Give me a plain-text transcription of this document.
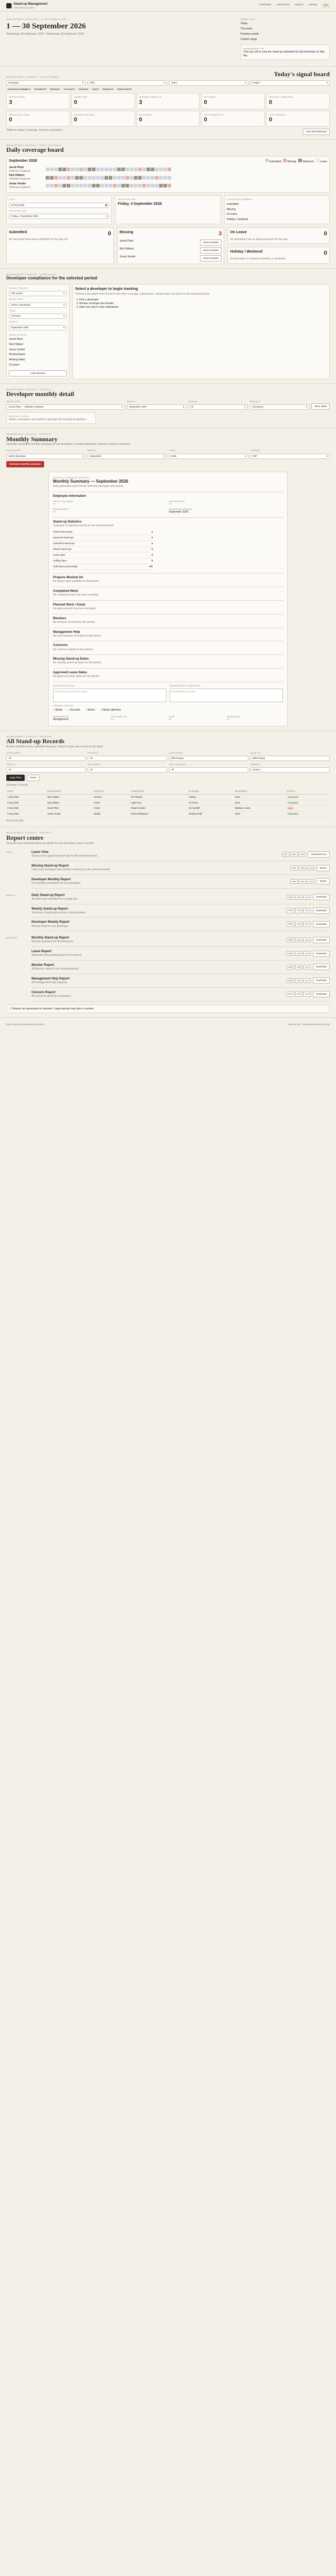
Stand-up Management
Daily Standup System
Dashboard Submissions Reports Settings	SA
MANAGEMENT OVERVIEW · 30 SEPTEMBER 2026
1 — 30 September 2026
Wednesday 30 September 2026 · Wednesday 30 September 2026
SHORTCUTS
Today
This week
Previous month
Custom range
MANAGEMENT TIP
Click any cell to view the stand-up submitted by that developer on that day.
MANAGEMENT SUMMARY · 30 SEPTEMBER	Today's signal board
Developer	▾	Shift	▾	Team	▾	Project	▾
All developers Active 3	Submitted 0	Missing 3	On leave 0	Holiday 0	Late 0	Blockers 0	Help needed 0
DEVELOPERS
3
SUBMITTED
0
MISSING STAND-UP
3
ON LEAVE
0
HOLIDAY / WEEKEND
0
APPROVED LEAVE
0
PENDING REVIEW
0
BLOCKERS
0
HELP REQUESTS
0
LATE ENTRIES
0
Totals for today's coverage, by team and project.	View full dashboard
MANAGEMENT CONSOLE · DAILY COVERAGE
Daily coverage board
September 2026	Submitted	Missing	Weekend	Leave
Jacob Plant
Software Engineer
Nick Hibbert
Software Engineer
Jonas Vondel
Software Engineer
DATE
30 Sep 2026	▦
SELECTED DAY
Friday, 4 September 2026	▾
SELECTED DAY
Friday, 4 September 2026
COVERAGE SUMMARY
Submitted
Missing
On leave
Holiday / weekend
Submitted	0
No stand-ups have been submitted for this day yet.
Missing	3
Jacob Plant	Send reminder
Nick Hibbert	Send reminder
Jonas Vondel	Send reminder
On Leave	0
No developers are on approved leave for this day.
Holiday / Weekend	0
No developer is marked on holiday or weekend.
MANAGEMENT CONSOLE · COMPLIANCE
Developer compliance for the selected period
SELECT PERIOD
This month	▾
DEVELOPER
Select a developer	▾
TEAM
All teams	▾
MONTH
September 2026	▾
QUICK ACCESS
Jacob Plant
Nick Hibbert
Jonas Vondel
All developers
Missing today
On leave
Load selection
Select a developer to begin tracking
Choose a developer from the list to see their coverage, submissions, missed days and leave for the selected period.
1. Pick a developer
2. Review coverage and streaks
3. Open any day to view submission
MANAGEMENT CONSOLE · MONTHLY
Developer monthly detail
DEVELOPER
Jacob Plant — Software Engineer	▾
MONTH
September 2026	▾
STATUS
All	▾
PROJECT
All projects	▾	Show detail
MONTHLY DETAIL
Select a developer and month to generate the monthly breakdown.
MANAGEMENT CONSOLE · REPORTS
Monthly Summary
Generate a printable monthly summary for any developer, covering stand-ups, projects, blockers and leave.
DEVELOPER
Select developer	▾
MONTH
September	▾
YEAR
2026	▾
FORMAT
PDF	▾
Generate monthly summary
MONTHLY SUMMARY REPORT
Monthly Summary — September 2026
Auto-generated report for the selected developer and period.
Employee information
EMPLOYEE NAME
—
DESIGNATION
—
DEPARTMENT
—
REPORTING PERIOD
September 2026
Stand-up Statistics
Summary of stand-up activity for the selected period.
Total working days	0
Expected stand-ups	0
Submitted stand-ups	0
Missed stand-ups	0
Leave days	0
Holiday days	0
Submission percentage	0%
Projects Worked On
No project data available for this period.
Completed Work
No completed work has been recorded.
Planned Work / Goals
No planned work has been recorded.
Blockers
No blockers recorded for this period.
Management Help
No help requests recorded for this period.
Concerns
No concerns raised for this period.
Missing Stand-up Dates
No missing stand-up dates for this period.
Approved Leave Dates
No approved leave dates for this period.
MANAGER REVIEW
Add review notes for this developer…
MANAGEMENT COMMENTS
Add additional comments…
OVERALL RATING
○ Meets ○ Exceeds ○ Below ○ Needs attention
PREPARED BY
Management
REVIEWED BY
—
DATE
—
SIGNATURE
—
MANAGEMENT CONSOLE · RECORDS
All Stand-up Records
Browse and filter every submitted stand-up. Export or open any record for full detail.
DEVELOPER
All
PROJECT
All
DATE FROM
dd/mm/yyyy
DATE TO
dd/mm/yyyy
STATUS
All
BLOCKERS
All
HELP NEEDED
All
SEARCH
Search…
Apply filters	Reset
Showing 4 records
DATE	DEVELOPER	PROJECT	COMPLETED	PLANNED	BLOCKERS	STATUS
1 Sep 2026	Nick Hibbert	Internal	API refactor	Testing	None	Submitted
2 Sep 2026	Nick Hibbert	Portal	Login fixes	UI review	None	Submitted
3 Sep 2026	Jacob Plant	Portal	Report module	QA handoff	Waiting on data	Late
4 Sep 2026	Jonas Vondel	Mobile	Push notifications	Release build	None	Submitted
End of records
MANAGEMENT CONSOLE · REPORTS
Report centre
Generate and download stand-up reports for any developer, team or period.
DAILY	Leave View
Shows every approved leave day for the selected period.
PDF	CSV	XLS	Download now
Missing Stand-up Report
Lists every developer who missed a stand-up in the selected period.
PDF	CSV	XLS	Export
Developer Monthly Report
Full monthly breakdown for one developer.
PDF	CSV	XLS	Export
WEEKLY	Daily Stand-up Report
All stand-ups submitted on a single day.
PDF	CSV	XLS	Download
Weekly Stand-up Report
Summary of stand-ups across a working week.
PDF	CSV	XLS	Download
Developer Weekly Report
Weekly detail for one developer.
PDF	CSV	XLS	Download
MONTHLY	Monthly Stand-up Report
Monthly summary for all developers.
PDF	CSV	XLS	Download
Leave Report
Approved and pending leave for the period.
PDF	CSV	XLS	Download
Blocker Report
All blockers raised in the selected period.
PDF	CSV	XLS	Download
Management Help Report
All management help requests.
PDF	CSV	XLS	Download
Concern Report
All concerns raised by developers.
PDF	CSV	XLS	Download
ⓘ Reports are generated on demand. Large periods may take a moment.
Daily Stand-up Management System	Internal tool · Management access only
